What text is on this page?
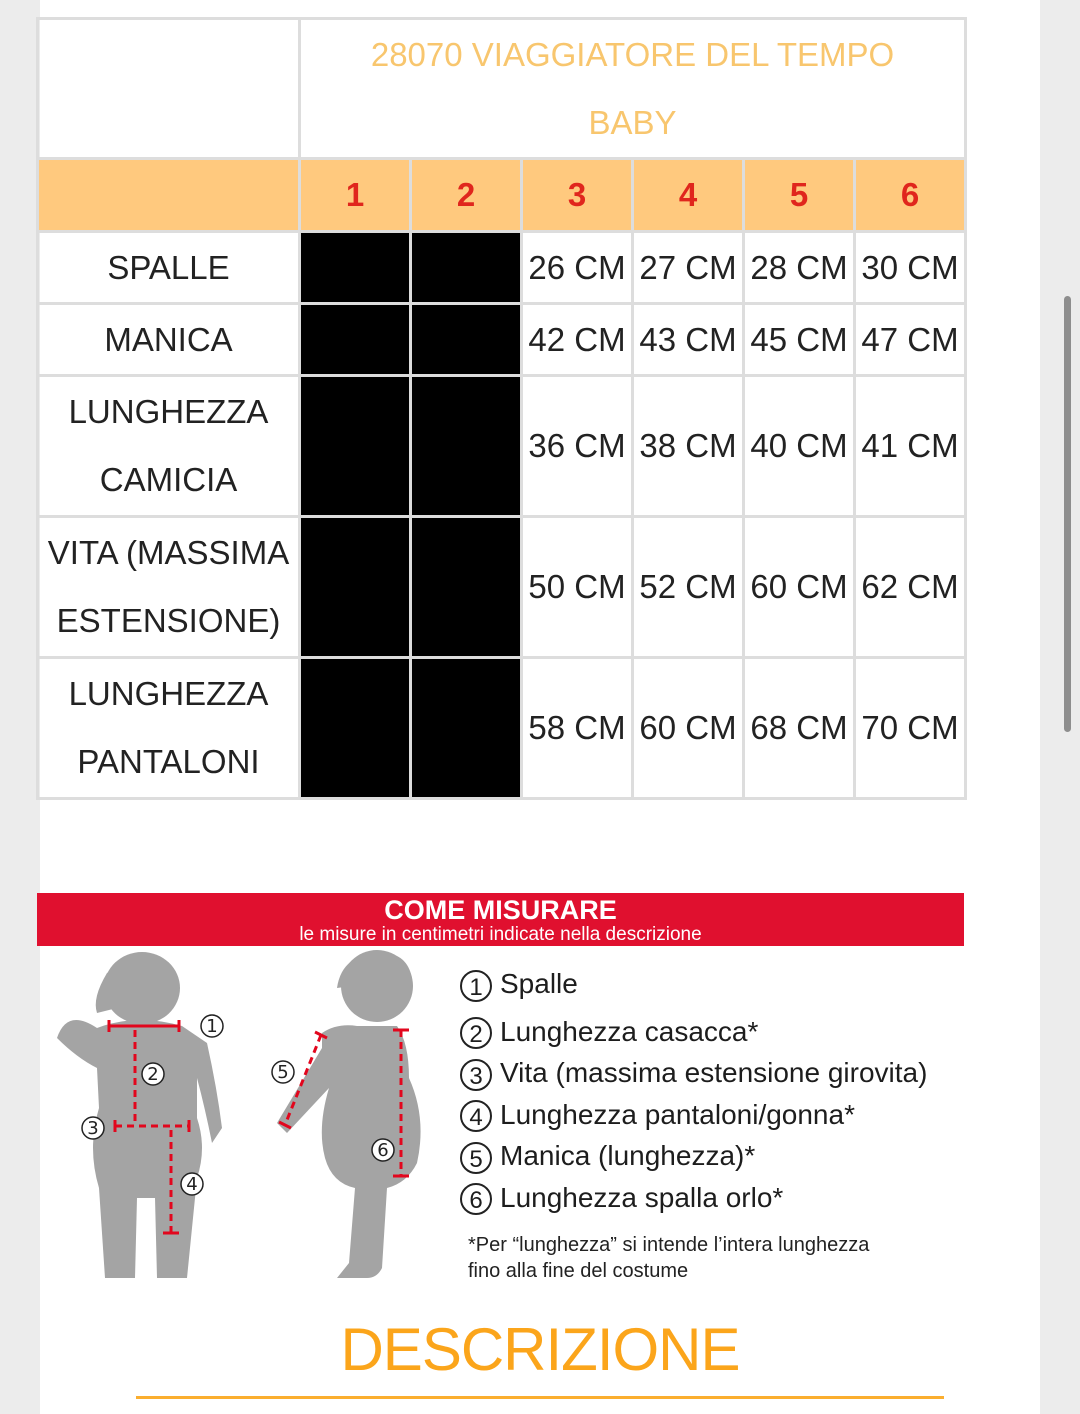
	28070 VIAGGIATORE DEL TEMPO
BABY					
	1	2	3	4	5	6
SPALLE			26 CM	27 CM	28 CM	30 CM
MANICA			42 CM	43 CM	45 CM	47 CM
LUNGHEZZA CAMICIA			36 CM	38 CM	40 CM	41 CM
VITA (MASSIMA ESTENSIONE)			50 CM	52 CM	60 CM	62 CM
LUNGHEZZA PANTALONI			58 CM	60 CM	68 CM	70 CM
COME MISURARE
le misure in centimetri indicate nella descrizione
1
2
3
4
5
6
1 Spalle
2 Lunghezza casacca*
3 Vita (massima estensione girovita)
4 Lunghezza pantaloni/gonna*
5 Manica (lunghezza)*
6 Lunghezza spalla orlo*
*Per “lunghezza” si intende l’intera lunghezza
fino alla fine del costume
DESCRIZIONE
